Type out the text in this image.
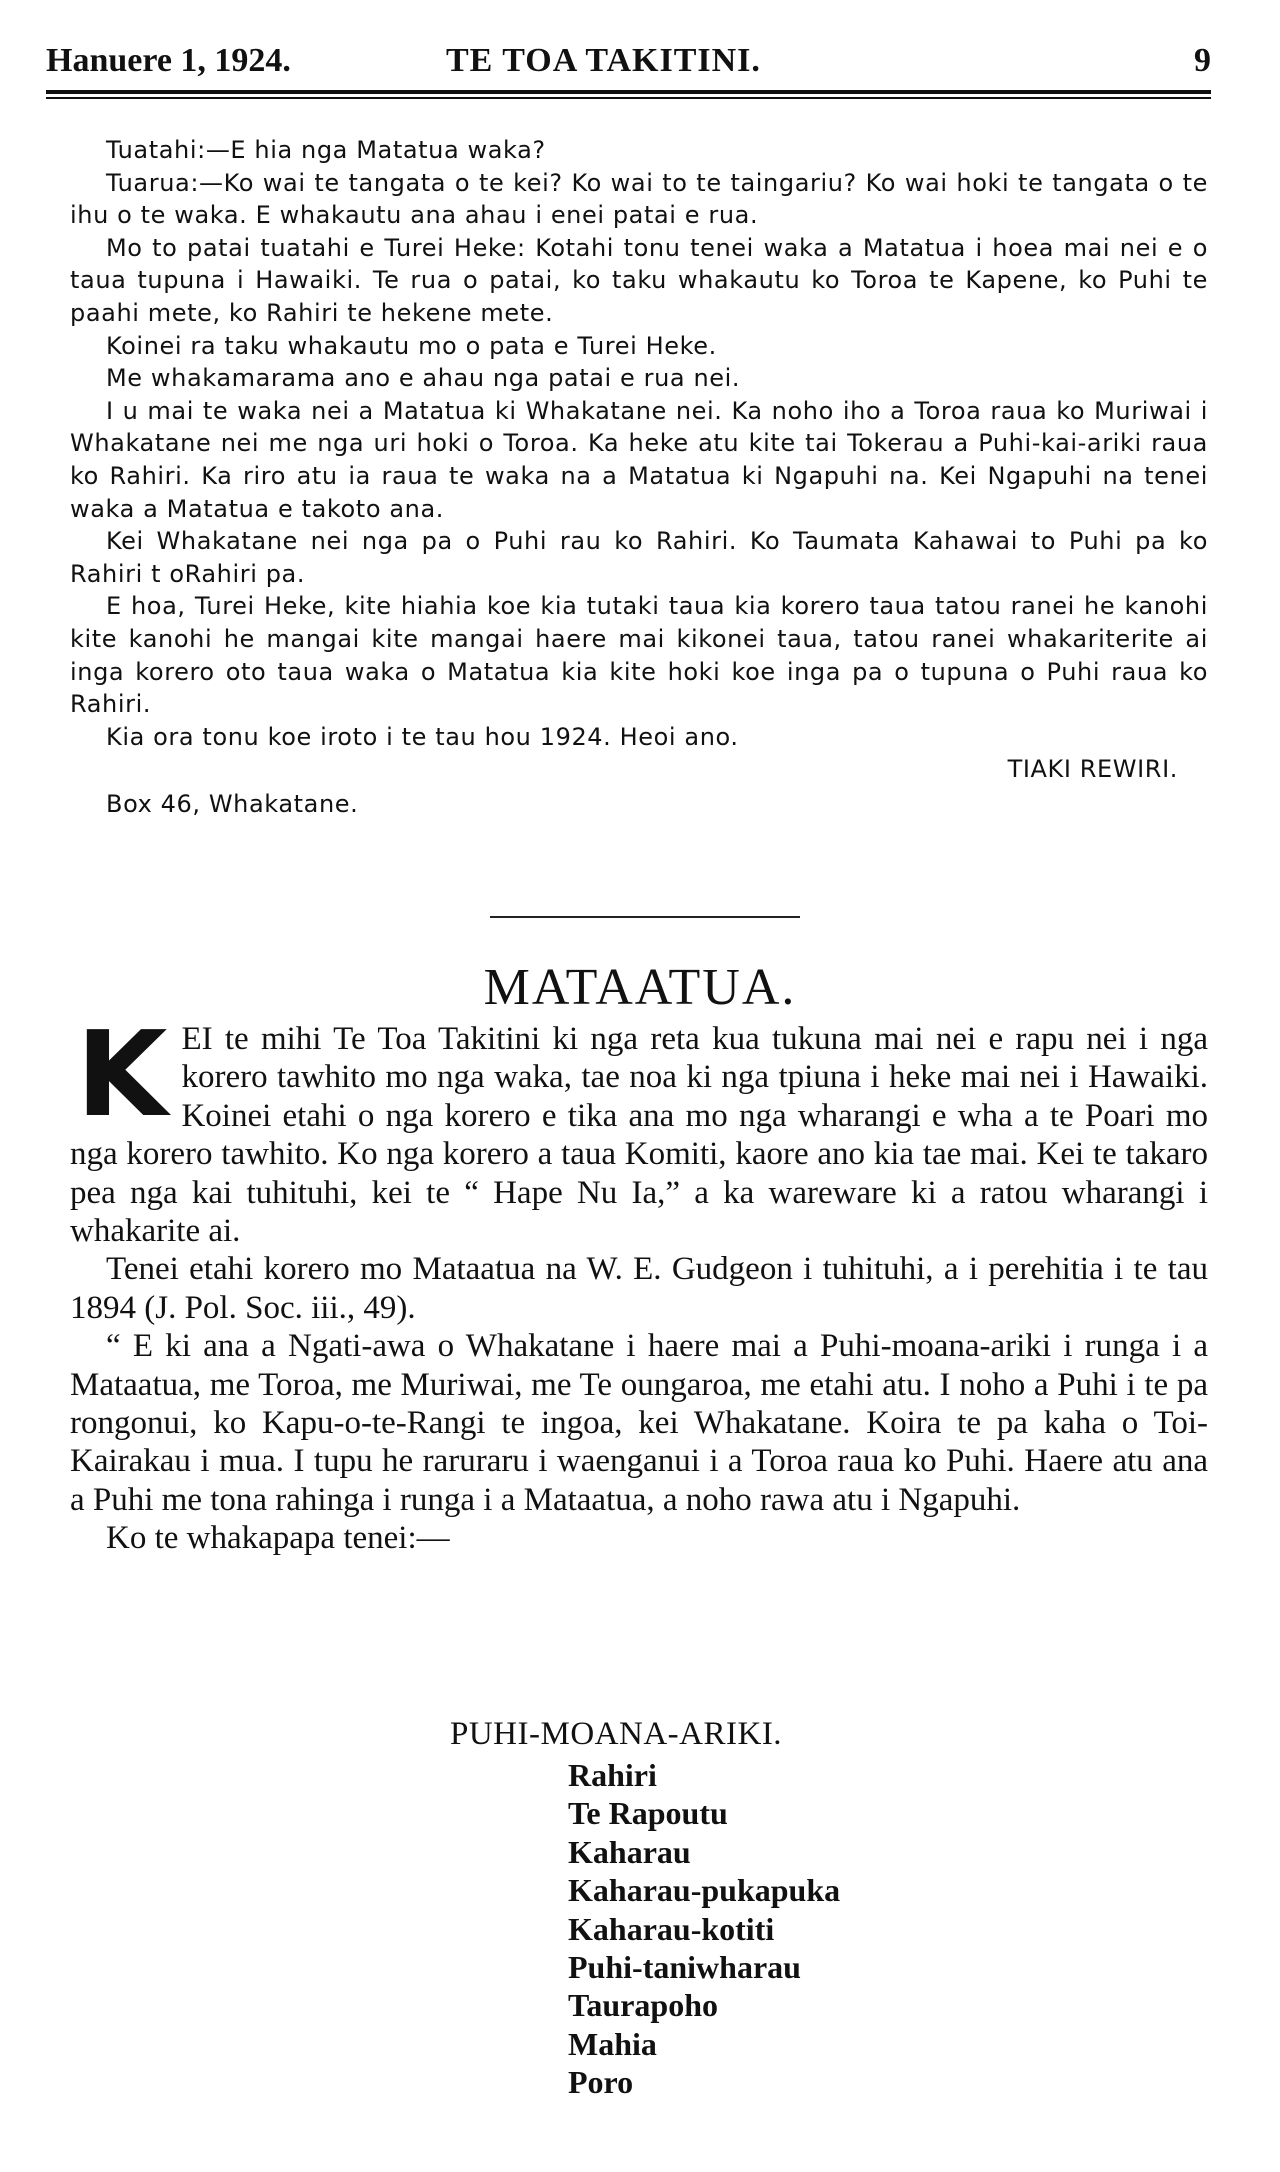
Hanuere 1, 1924.	TE TOA TAKITINI.	9

Tuatahi:—E hia nga Matatua waka?

Tuarua:—Ko wai te tangata o te kei? Ko wai to te taingariu? Ko wai hoki te tangata o te ihu o te waka. E whakautu ana ahau i enei patai e rua.

Mo to patai tuatahi e Turei Heke: Kotahi tonu tenei waka a Matatua i hoea mai nei e o taua tupuna i Hawaiki. Te rua o patai, ko taku whakautu ko Toroa te Kapene, ko Puhi te paahi mete, ko Rahiri te hekene mete.

Koinei ra taku whakautu mo o pata e Turei Heke.

Me whakamarama ano e ahau nga patai e rua nei.

I u mai te waka nei a Matatua ki Whakatane nei. Ka noho iho a Toroa raua ko Muriwai i Whakatane nei me nga uri hoki o Toroa. Ka heke atu kite tai Tokerau a Puhi-kai-ariki raua ko Rahiri. Ka riro atu ia raua te waka na a Matatua ki Ngapuhi na. Kei Ngapuhi na tenei waka a Matatua e takoto ana.

Kei Whakatane nei nga pa o Puhi rau ko Rahiri. Ko Taumata Kahawai to Puhi pa ko Rahiri t oRahiri pa.

E hoa, Turei Heke, kite hiahia koe kia tutaki taua kia korero taua tatou ranei he kanohi kite kanohi he mangai kite mangai haere mai kikonei taua, tatou ranei whakariterite ai inga korero oto taua waka o Matatua kia kite hoki koe inga pa o tupuna o Puhi raua ko Rahiri.

Kia ora tonu koe iroto i te tau hou 1924. Heoi ano.

TIAKI REWIRI.

Box 46, Whakatane.

MATAATUA.

KEI te mihi Te Toa Takitini ki nga reta kua tukuna mai nei e rapu nei i nga korero tawhito mo nga waka, tae noa ki nga tpiuna i heke mai nei i Hawaiki. Koinei etahi o nga korero e tika ana mo nga wharangi e wha a te Poari mo nga korero tawhito. Ko nga korero a taua Komiti, kaore ano kia tae mai. Kei te takaro pea nga kai tuhituhi, kei te “ Hape Nu Ia,” a ka wareware ki a ratou wharangi i whakarite ai.

Tenei etahi korero mo Mataatua na W. E. Gudgeon i tuhituhi, a i perehitia i te tau 1894 (J. Pol. Soc. iii., 49).

“ E ki ana a Ngati-awa o Whakatane i haere mai a Puhi-moana-ariki i runga i a Mataatua, me Toroa, me Muriwai, me Te oungaroa, me etahi atu. I noho a Puhi i te pa rongonui, ko Kapu-o-te-Rangi te ingoa, kei Whakatane. Koira te pa kaha o Toi-Kairakau i mua. I tupu he raruraru i waenganui i a Toroa raua ko Puhi. Haere atu ana a Puhi me tona rahinga i runga i a Mataatua, a noho rawa atu i Ngapuhi.

Ko te whakapapa tenei:—

PUHI-MOANA-ARIKI.
Rahiri
Te Rapoutu
Kaharau
Kaharau-pukapuka
Kaharau-kotiti
Puhi-taniwharau
Taurapoho
Mahia
Poro
